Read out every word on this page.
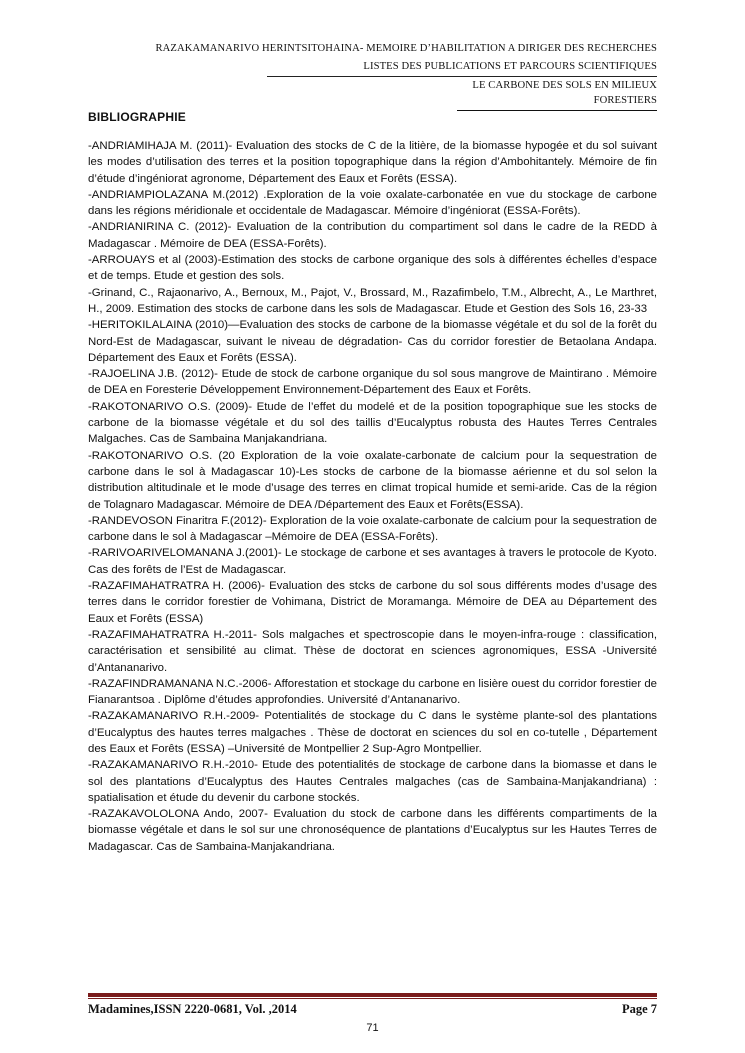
RAZAKAMANARIVO HERINTSITOHAINA- MEMOIRE D’HABILITATION A DIRIGER DES RECHERCHES
LISTES DES PUBLICATIONS ET PARCOURS SCIENTIFIQUES
LE CARBONE DES SOLS EN MILIEUX FORESTIERS
BIBLIOGRAPHIE

-ANDRIAMIHAJA M. (2011)- Evaluation des stocks de C de la litière, de la biomasse hypogée et du sol suivant les modes d’utilisation des terres et la position topographique dans la région d’Ambohitantely. Mémoire de fin d’étude d’ingéniorat agronome, Département des Eaux et Forêts (ESSA).

-ANDRIAMPIOLAZANA M.(2012) .Exploration de la voie oxalate-carbonatée en vue du stockage de carbone dans les régions méridionale et occidentale de Madagascar. Mémoire d’ingéniorat (ESSA-Forêts).

-ANDRIANIRINA C. (2012)- Evaluation de la contribution du compartiment sol dans le cadre de la REDD à Madagascar . Mémoire de DEA (ESSA-Forêts).

-ARROUAYS et al (2003)-Estimation des stocks de carbone organique des sols à différentes échelles d’espace et de temps. Etude et gestion des sols.

-Grinand, C., Rajaonarivo, A., Bernoux, M., Pajot, V., Brossard, M., Razafimbelo, T.M., Albrecht, A., Le Marthret, H., 2009. Estimation des stocks de carbone dans les sols de Madagascar. Etude et Gestion des Sols 16, 23-33

-HERITOKILALAINA (2010)—Evaluation des stocks de carbone de la biomasse végétale et du sol de la forêt du Nord-Est de Madagascar, suivant le niveau de dégradation- Cas du corridor forestier de Betaolana Andapa. Département des Eaux et Forêts (ESSA).

-RAJOELINA J.B. (2012)- Etude de stock de carbone organique du sol sous mangrove de Maintirano . Mémoire de DEA en Foresterie Développement Environnement-Département des Eaux et Forêts.

-RAKOTONARIVO O.S. (2009)- Etude de l’effet du modelé et de la position topographique sue les stocks de carbone de la biomasse végétale et du sol des taillis d’Eucalyptus robusta des Hautes Terres Centrales Malgaches. Cas de Sambaina Manjakandriana.

-RAKOTONARIVO O.S. (20 Exploration de la voie oxalate-carbonate de calcium pour la sequestration de carbone dans le sol à Madagascar 10)-Les stocks de carbone de la biomasse aérienne et du sol selon la distribution altitudinale et le mode d’usage des terres en climat tropical humide et semi-aride. Cas de la région de Tolagnaro Madagascar. Mémoire de DEA /Département des Eaux et Forêts(ESSA).

-RANDEVOSON Finaritra F.(2012)- Exploration de la voie oxalate-carbonate de calcium pour la sequestration de carbone dans le sol à Madagascar –Mémoire de DEA (ESSA-Forêts).

-RARIVOARIVELOMANANA J.(2001)- Le stockage de carbone et ses avantages à travers le protocole de Kyoto. Cas des forêts de l’Est de Madagascar.

-RAZAFIMAHATRATRA H. (2006)- Evaluation des stcks de carbone du sol sous différents modes d’usage des terres dans le corridor forestier de Vohimana, District de Moramanga. Mémoire de DEA au Département des Eaux et Forêts (ESSA)

-RAZAFIMAHATRATRA H.-2011- Sols malgaches et spectroscopie dans le moyen-infra-rouge : classification, caractérisation et sensibilité au climat. Thèse de doctorat en sciences agronomiques, ESSA -Université d’Antananarivo.

-RAZAFINDRAMANANA N.C.-2006- Afforestation et stockage du carbone en lisière ouest du corridor forestier de Fianarantsoa . Diplôme d’études approfondies. Université d’Antananarivo.

-RAZAKAMANARIVO R.H.-2009- Potentialités de stockage du C dans le système plante-sol des plantations d’Eucalyptus des hautes terres malgaches . Thèse de doctorat en sciences du sol en co-tutelle , Département des Eaux et Forêts (ESSA) –Université de Montpellier 2 Sup-Agro Montpellier.

-RAZAKAMANARIVO R.H.-2010- Etude des potentialités de stockage de carbone dans la biomasse et dans le sol des plantations d’Eucalyptus des Hautes Centrales malgaches (cas de Sambaina-Manjakandriana) : spatialisation et étude du devenir du carbone stockés.

-RAZAKAVOLOLONA Ando, 2007- Evaluation du stock de carbone dans les différents compartiments de la biomasse végétale et dans le sol sur une chronoséquence de plantations d’Eucalyptus sur les Hautes Terres de Madagascar. Cas de Sambaina-Manjakandriana.

Madamines,ISSN 2220-0681, Vol. ,2014	Page 7
71
